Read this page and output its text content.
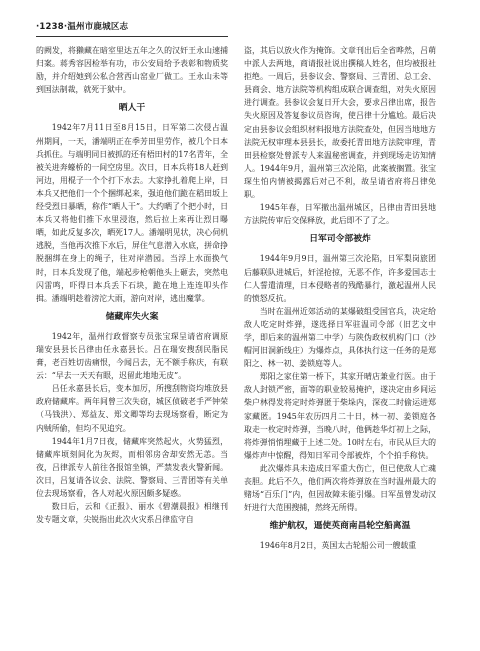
·1238·温州市鹿城区志

的阙发，将獭藏在暗室里达五年之久的汉奸王永山速捕归案。蒋秀容因检举有功，市公安局给予表彰和物质奖励，并介绍她到公私合营西山窑业厂做工。王永山未等到国法制裁，就死于狱中。

晒人干

1942年7月11日至8月15日，日军第二次侵占温州期间，一天，潘端明正在季芳田里劳作，被几个日本兵抓住。与端明同日被抓的还有梧田村的17名青年，全被关进奔蠔桥的一间空房里。次日，日本兵将18人赶到河边，用棍子一个个打下水去。大家挣扎着爬上岸，日本兵又把他们一个个捆绑起来，强迫他们跪在稻田坂上经受烈日暴晒，称作“晒人干”。大约晒了个把小时，日本兵又将他们推下水里浸泡，然后拉上来再让烈日曝晒，如此反复多次，晒死17人。潘端明见状，决心伺机逃脱，当他再次推下水后，屏住气息潜入水底，拼命挣脱捆绑在身上的绳子，往对岸潜园。当浮上水面换气时，日本兵发现了他，端起步枪朝他头上砸去，突然电闪雷鸣，吓得日本兵丢下石块，跪在地上连连叩头作揖。潘端明趁着滂沱大雨，游向对岸，逃出魔掌。

储藏库失火案

1942年，温州行政督察专员张宝琛呈请省府调原瑞安县县长吕律由任永嘉县长。吕在瑞安搜刮民脂民膏，老百姓切齿痛恨，今闻吕去，无不额手称庆，有联云：“早去一天天有眼，迟留此地地无皮”。

吕任永嘉县长后，变本加厉，所搜刮物资均堆放县政府储藏库。两年间曾三次失窃，城区侦破老手严钟荣（马钱洪）、郑益友、郑文卿等均去现场察看，断定为内贼所偷，但均不见追究。

1944年1月7日夜，储藏库突然起火，火势猛烈，储藏库顷刻间化为灰烬，而相邻房舍却安然无恙。当夜，吕律派专人前往各报馆坐镇，严禁发表火警新闻。次日，吕复请各议会、法院、警察局、三青团等有关单位去现场察看，各人对起火原因颇多疑惑。

数日后，云和《正报》、丽水《碧潮晨报》相继刊发专题文章，尖锐指出此次火灾系吕律监守自

盗，其后以放火作为掩饰。文章刊出后全省哗然，吕萌中派人去两地，商请报社说出撰稿人姓名，但均被报社拒绝。一周后，县参议会、警察局、三青团、总工会、县商会、地方法院等机构组成联合调查组，对失火原因进行调查。县参议会复日开大会，要求吕律出席，报告失火原因及答复参议员咨询，使吕律十分尴尬。最后决定由县参议会组织材料报地方法院查处，但因当地地方法院无权审理本县县长，故委托青田地方法院审理，青田县检察处曾派专人来温秘密调查，并到现场走访知情人。1944年9月，温州第三次沦陷，此案被搁置。张宝琛生怕内情被揭露后对己不利，故呈请省府将吕律免职。

1945年春，日军撤出温州城区，吕律由青田县地方法院传审后交保释放，此后即不了了之。

日军司令部被炸

1944年9月9日，温州第三次沦陷，日军梨岗旅团后藤联队进城后，奸淫抢掠，无恶不作，许多爱国志士仁人誓遣清理，日本侵略者的残酷暴行，激起温州人民的愤怒反抗。

当时在温州近郊活动的某爆破组受国官兵，决定给敌人吃定时炸弹，遂选择日军驻温司令部（旧艺文中学，即后来的温州第二中学）与陕伪政权机构门口（沙帽河旧洞新线庄）为爆炸点，具体执行这一任务的是郑阳之、林一初、姜锁庭等人。

郑阳之家住第一桥下，其家开晴店兼业行医。由于敌人封锁严密，面等的职业较易掩护，遂决定由乡间运柴户林得发将定时炸弹匿于柴垛内，深夜二时偷运进郑家藏匿。1945年农历四月二十日，林一初、姜锁庭各取走一枚定时炸弹，当晚八时，他俩趁华灯初上之际，将炸弹悄悄埋藏于上述二处。10时左右，市民从巨大的爆炸声中惊醒，得知日军司令部被炸，个个拍手称快。

此次爆炸具未造成日军重大伤亡，但已使敌人亡魂丧胆。此后不久，他们两次将炸弹放在当时温州最大的赌场“百乐门”内，但因故障未能引爆。日军虽曾发动汉奸进行大范围搜捕，然终无所得。

维护航权，逼使英商南昌轮空船离温

1946年8月2日，英国太古轮船公司一艘载重
